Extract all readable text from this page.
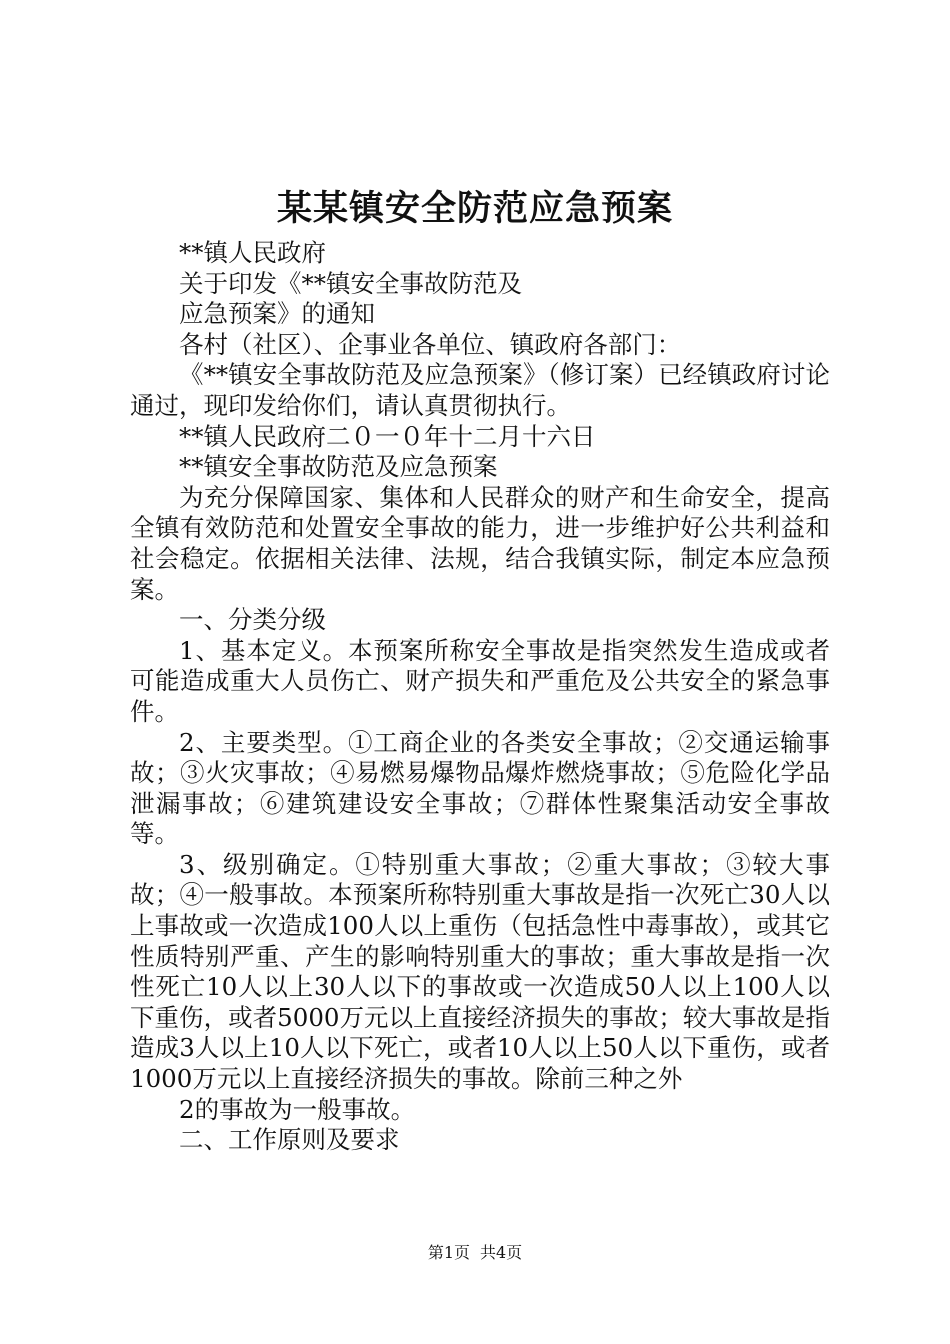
某某镇安全防范应急预案

**镇人民政府

关于印发《**镇安全事故防范及

应急预案》的通知

各村（社区）、企事业各单位、镇政府各部门：

《**镇安全事故防范及应急预案》（修订案）已经镇政府讨论通过，现印发给你们，请认真贯彻执行。

**镇人民政府二０一０年十二月十六日

**镇安全事故防范及应急预案

为充分保障国家、集体和人民群众的财产和生命安全，提高全镇有效防范和处置安全事故的能力，进一步维护好公共利益和社会稳定。依据相关法律、法规，结合我镇实际，制定本应急预案。

一、分类分级

1、基本定义。本预案所称安全事故是指突然发生造成或者可能造成重大人员伤亡、财产损失和严重危及公共安全的紧急事件。

2、主要类型。①工商企业的各类安全事故；②交通运输事故；③火灾事故；④易燃易爆物品爆炸燃烧事故；⑤危险化学品泄漏事故；⑥建筑建设安全事故；⑦群体性聚集活动安全事故等。

3、级别确定。①特别重大事故；②重大事故；③较大事故；④一般事故。本预案所称特别重大事故是指一次死亡30人以上事故或一次造成100人以上重伤（包括急性中毒事故），或其它性质特别严重、产生的影响特别重大的事故；重大事故是指一次性死亡10人以上30人以下的事故或一次造成50人以上100人以下重伤，或者5000万元以上直接经济损失的事故；较大事故是指造成3人以上10人以下死亡，或者10人以上50人以下重伤，或者1000万元以上直接经济损失的事故。除前三种之外

2的事故为一般事故。

二、工作原则及要求

第1页 共4页
